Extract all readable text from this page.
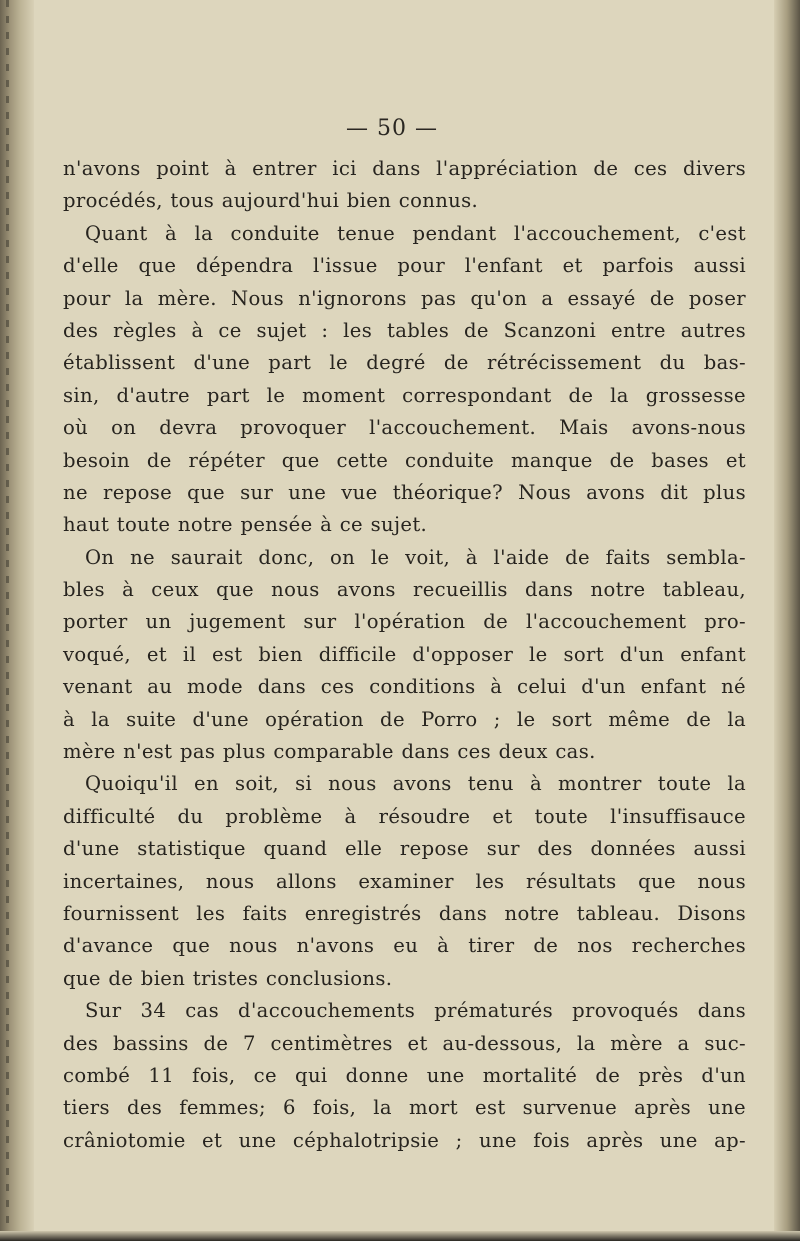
— 50 —
n'avons point à entrer ici dans l'appréciation de ces divers
procédés, tous aujourd'hui bien connus.
Quant à la conduite tenue pendant l'accouchement, c'est
d'elle que dépendra l'issue pour l'enfant et parfois aussi
pour la mère. Nous n'ignorons pas qu'on a essayé de poser
des règles à ce sujet : les tables de Scanzoni entre autres
établissent d'une part le degré de rétrécissement du bas-
sin, d'autre part le moment correspondant de la grossesse
où on devra provoquer l'accouchement. Mais avons-nous
besoin de répéter que cette conduite manque de bases et
ne repose que sur une vue théorique? Nous avons dit plus
haut toute notre pensée à ce sujet.
On ne saurait donc, on le voit, à l'aide de faits sembla-
bles à ceux que nous avons recueillis dans notre tableau,
porter un jugement sur l'opération de l'accouchement pro-
voqué, et il est bien difficile d'opposer le sort d'un enfant
venant au mode dans ces conditions à celui d'un enfant né
à la suite d'une opération de Porro ; le sort même de la
mère n'est pas plus comparable dans ces deux cas.
Quoiqu'il en soit, si nous avons tenu à montrer toute la
difficulté du problème à résoudre et toute l'insuffisauce
d'une statistique quand elle repose sur des données aussi
incertaines, nous allons examiner les résultats que nous
fournissent les faits enregistrés dans notre tableau. Disons
d'avance que nous n'avons eu à tirer de nos recherches
que de bien tristes conclusions.
Sur 34 cas d'accouchements prématurés provoqués dans
des bassins de 7 centimètres et au-dessous, la mère a suc-
combé 11 fois, ce qui donne une mortalité de près d'un
tiers des femmes; 6 fois, la mort est survenue après une
crâniotomie et une céphalotripsie ; une fois après une ap-
